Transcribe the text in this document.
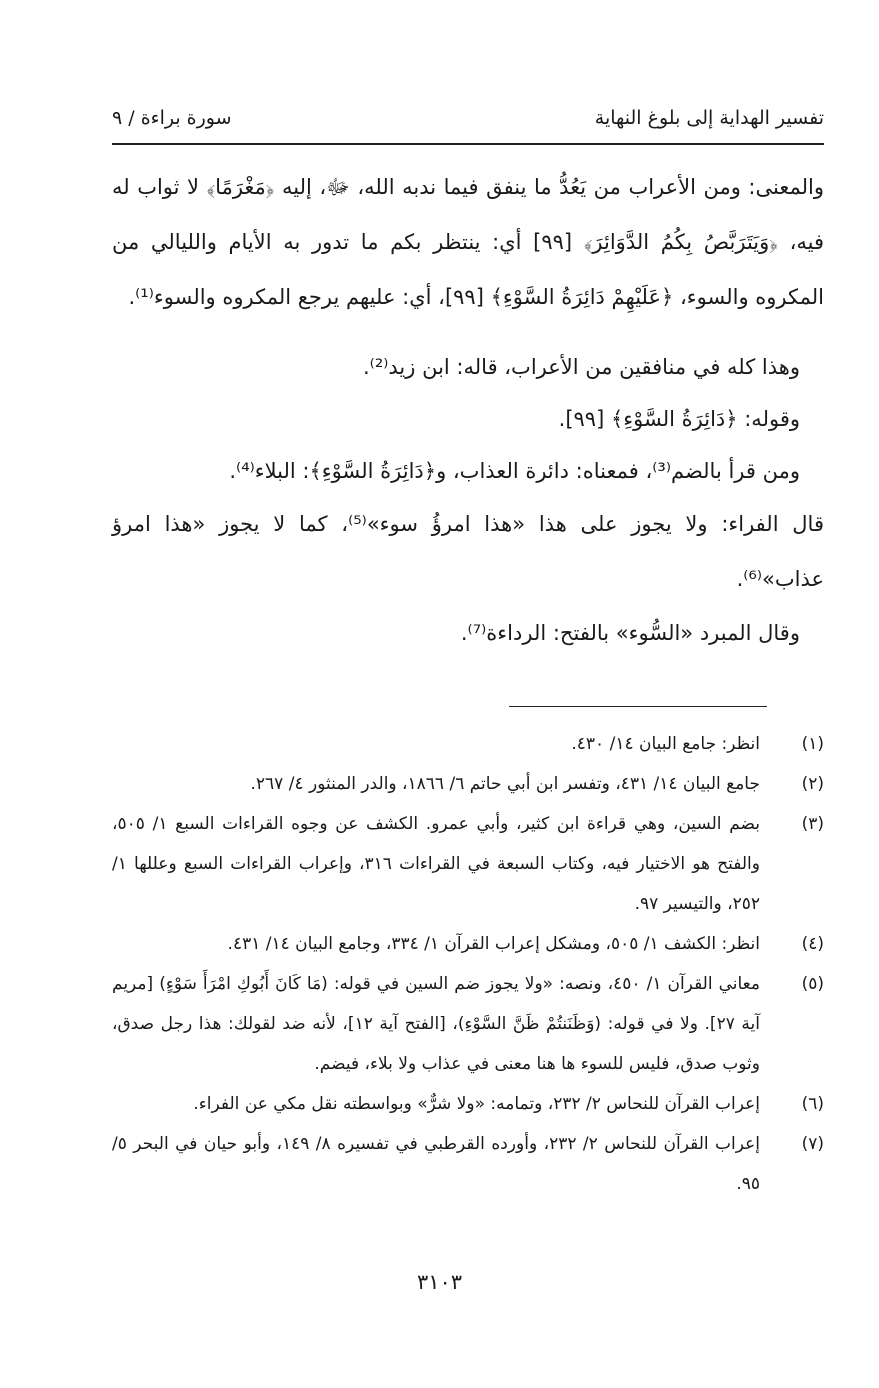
تفسير الهداية إلى بلوغ النهاية
سورة براءة / ٩

والمعنى: ومن الأعراب من يَعُدُّ ما ينفق فيما ندبه الله، ﷻ، إليه ﴿مَغْرَمًا﴾ لا ثواب له فيه، ﴿وَيَتَرَبَّصُ بِكُمُ الدَّوَائِرَ﴾ [٩٩] أي: ينتظر بكم ما تدور به الأيام والليالي من المكروه والسوء، ﴿عَلَيْهِمْ دَائِرَةُ السَّوْءِ﴾ [٩٩]، أي: عليهم يرجع المكروه والسوء⁽¹⁾.

وهذا كله في منافقين من الأعراب، قاله: ابن زيد⁽²⁾.

وقوله: ﴿دَائِرَةُ السَّوْءِ﴾ [٩٩].

ومن قرأ بالضم⁽³⁾، فمعناه: دائرة العذاب، و﴿دَائِرَةُ السَّوْءِ﴾: البلاء⁽⁴⁾.

قال الفراء: ولا يجوز على هذا «هذا امرؤُ سوء»⁽⁵⁾، كما لا يجوز «هذا امرؤ عذاب»⁽⁶⁾.

وقال المبرد «السُّوء» بالفتح: الرداءة⁽⁷⁾.

(١)
انظر: جامع البيان ١٤/ ٤٣٠.
(٢)
جامع البيان ١٤/ ٤٣١، وتفسر ابن أبي حاتم ٦/ ١٨٦٦، والدر المنثور ٤/ ٢٦٧.
(٣)
بضم السين، وهي قراءة ابن كثير، وأبي عمرو. الكشف عن وجوه القراءات السبع ١/ ٥٠٥، والفتح هو الاختيار فيه، وكتاب السبعة في القراءات ٣١٦، وإعراب القراءات السبع وعللها ١/ ٢٥٢، والتيسير ٩٧.
(٤)
انظر: الكشف ١/ ٥٠٥، ومشكل إعراب القرآن ١/ ٣٣٤، وجامع البيان ١٤/ ٤٣١.
(٥)
معاني القرآن ١/ ٤٥٠، ونصه: «ولا يجوز ضم السين في قوله: (مَا كَانَ أَبُوكِ امْرَأَ سَوْءٍ) [مريم آية ٢٧]. ولا في قوله: (وَظَنَنتُمْ ظَنَّ السَّوْءِ)، [الفتح آية ١٢]، لأنه ضد لقولك: هذا رجل صدق، وثوب صدق، فليس للسوء ها هنا معنى في عذاب ولا بلاء، فيضم.
(٦)
إعراب القرآن للنحاس ٢/ ٢٣٢، وتمامه: «ولا شرٌّ» وبواسطته نقل مكي عن الفراء.
(٧)
إعراب القرآن للنحاس ٢/ ٢٣٢، وأورده القرطبي في تفسيره ٨/ ١٤٩، وأبو حيان في البحر ٥/ ٩٥.
٣١٠٣
